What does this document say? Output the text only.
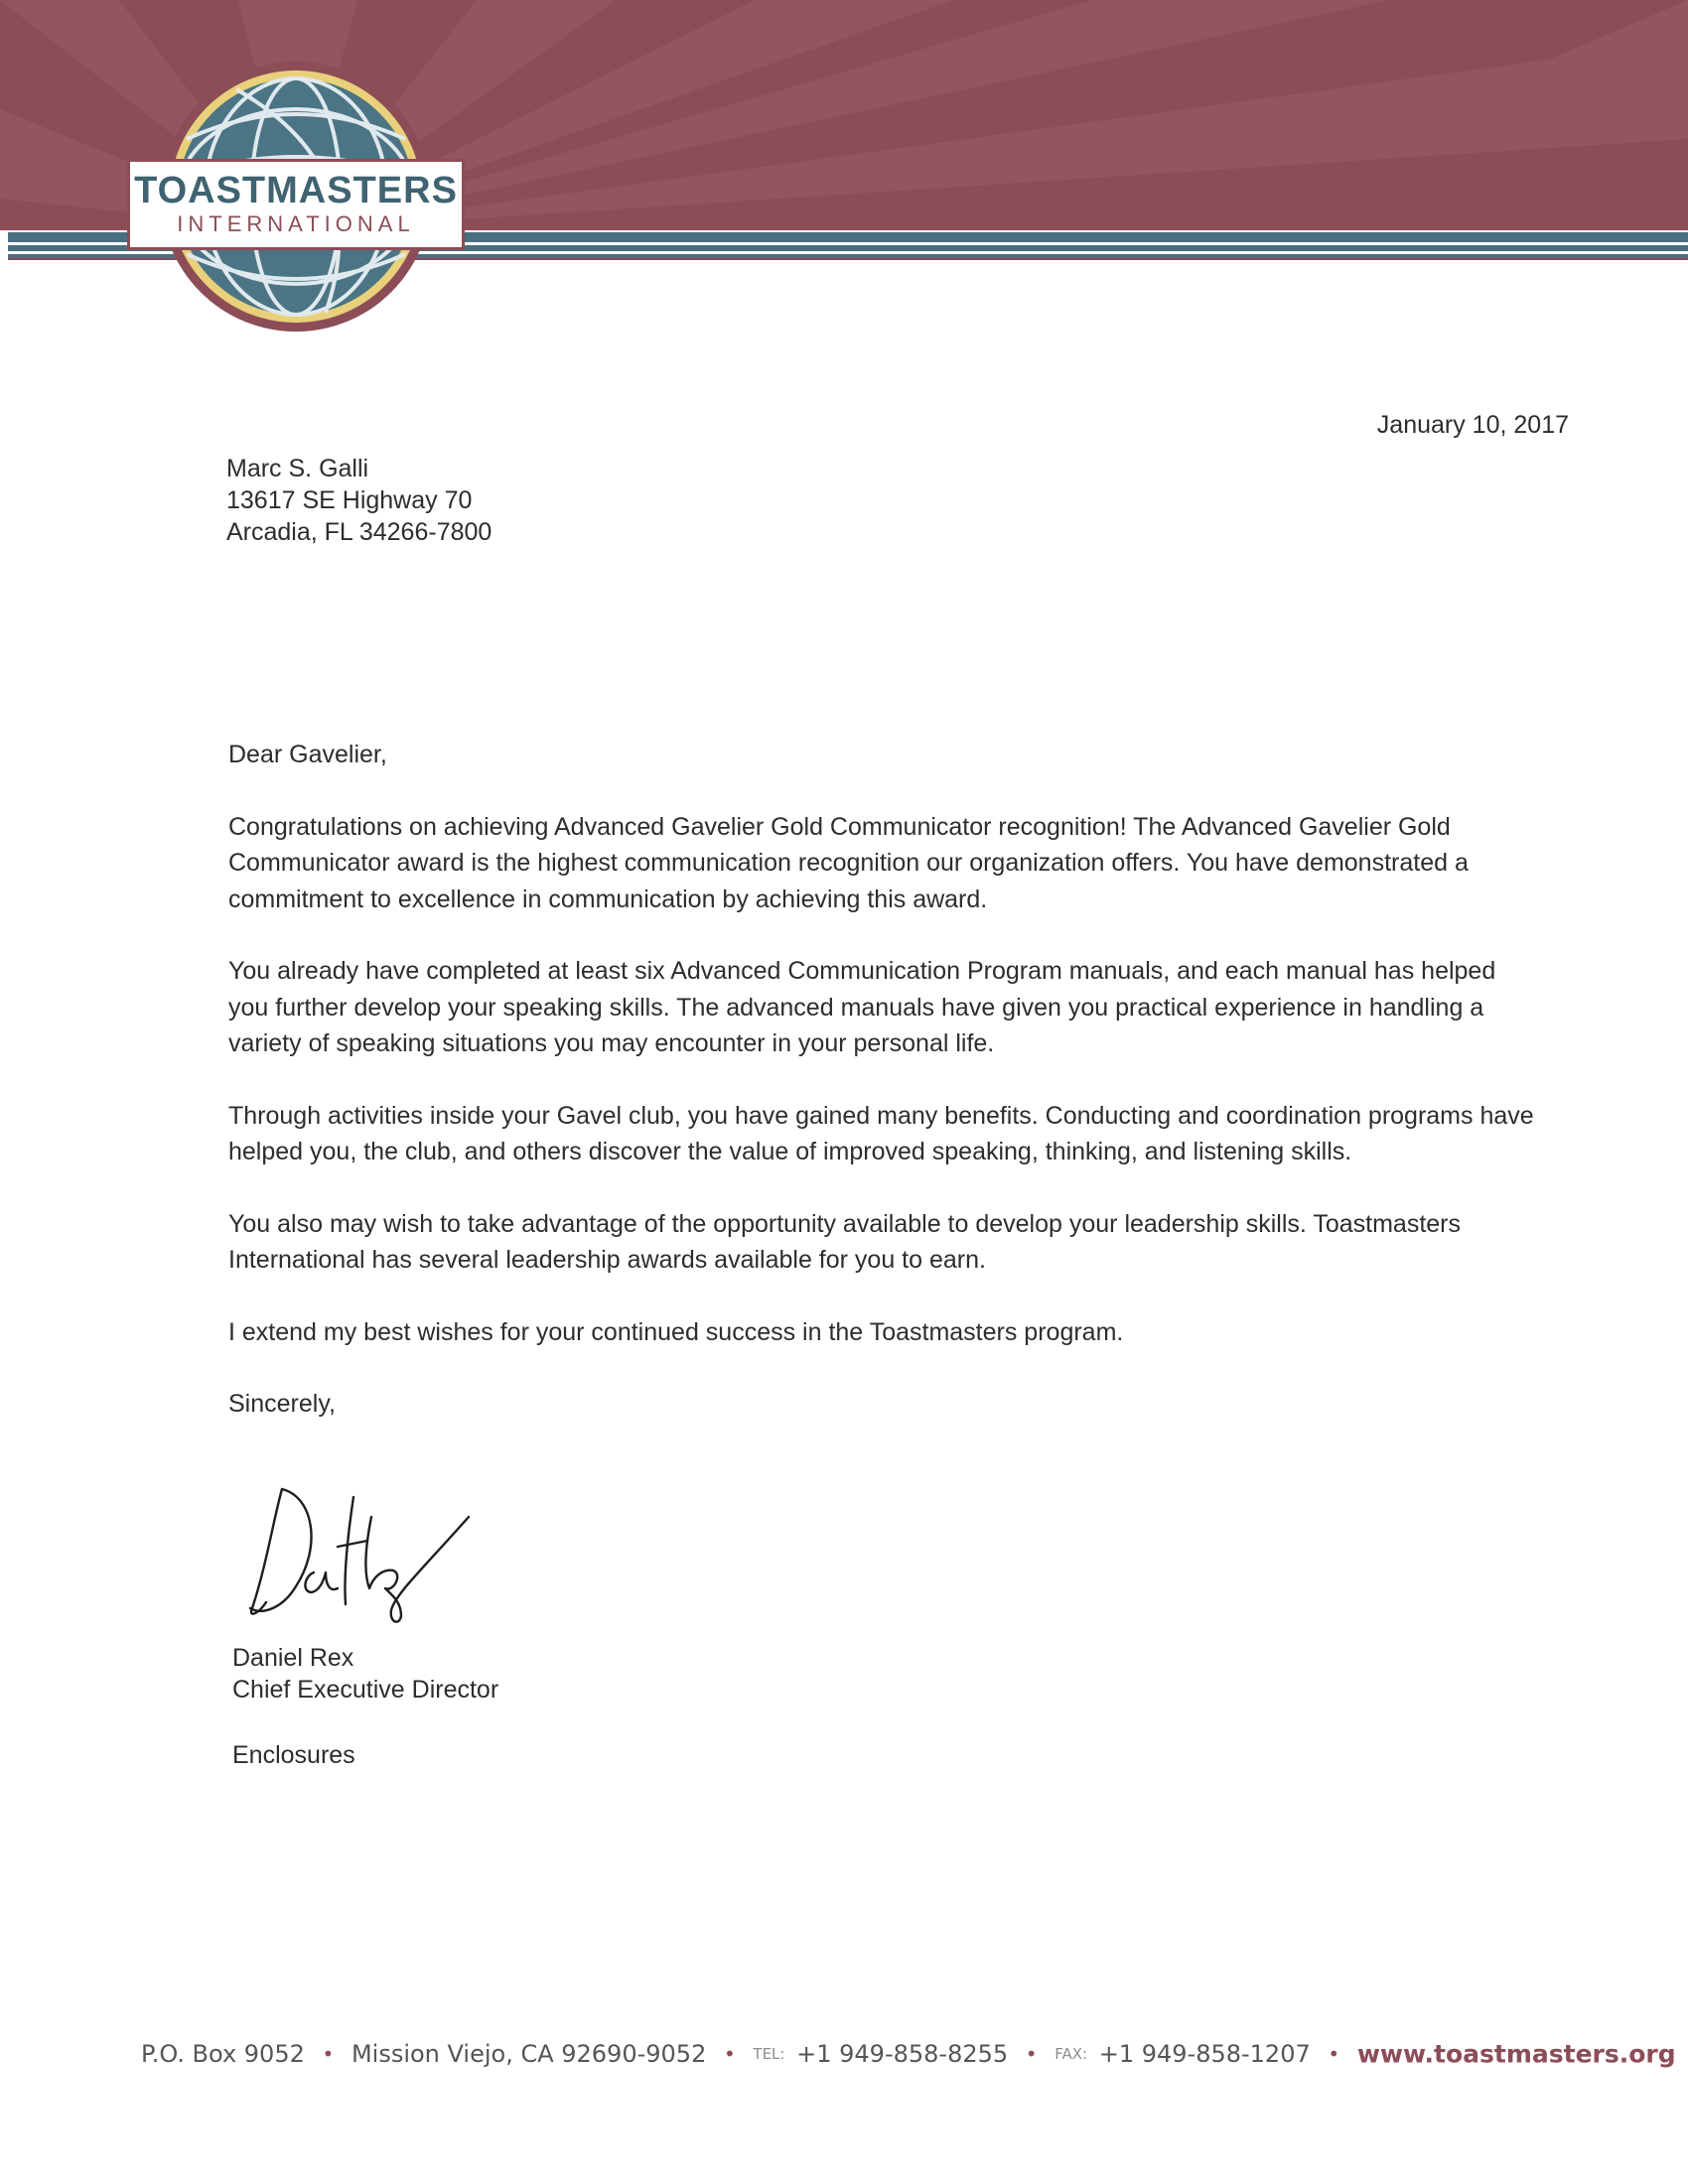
TOASTMASTERS
INTERNATIONAL
January 10, 2017
Marc S. Galli
13617 SE Highway 70
Arcadia, FL 34266-7800

Dear Gavelier,

Congratulations on achieving Advanced Gavelier Gold Communicator recognition! The Advanced Gavelier Gold Communicator award is the highest communication recognition our organization offers. You have demonstrated a commitment to excellence in communication by achieving this award.

You already have completed at least six Advanced Communication Program manuals, and each manual has helped you further develop your speaking skills. The advanced manuals have given you practical experience in handling a variety of speaking situations you may encounter in your personal life.

Through activities inside your Gavel club, you have gained many benefits. Conducting and coordination programs have helped you, the club, and others discover the value of improved speaking, thinking, and listening skills.

You also may wish to take advantage of the opportunity available to develop your leadership skills. Toastmasters International has several leadership awards available for you to earn.

I extend my best wishes for your continued success in the Toastmasters program.

Sincerely,

Daniel Rex
Chief Executive Director
Enclosures
P.O. Box 9052 • Mission Viejo, CA 92690-9052 • TEL: +1 949-858-8255 • FAX: +1 949-858-1207 • www.toastmasters.org
